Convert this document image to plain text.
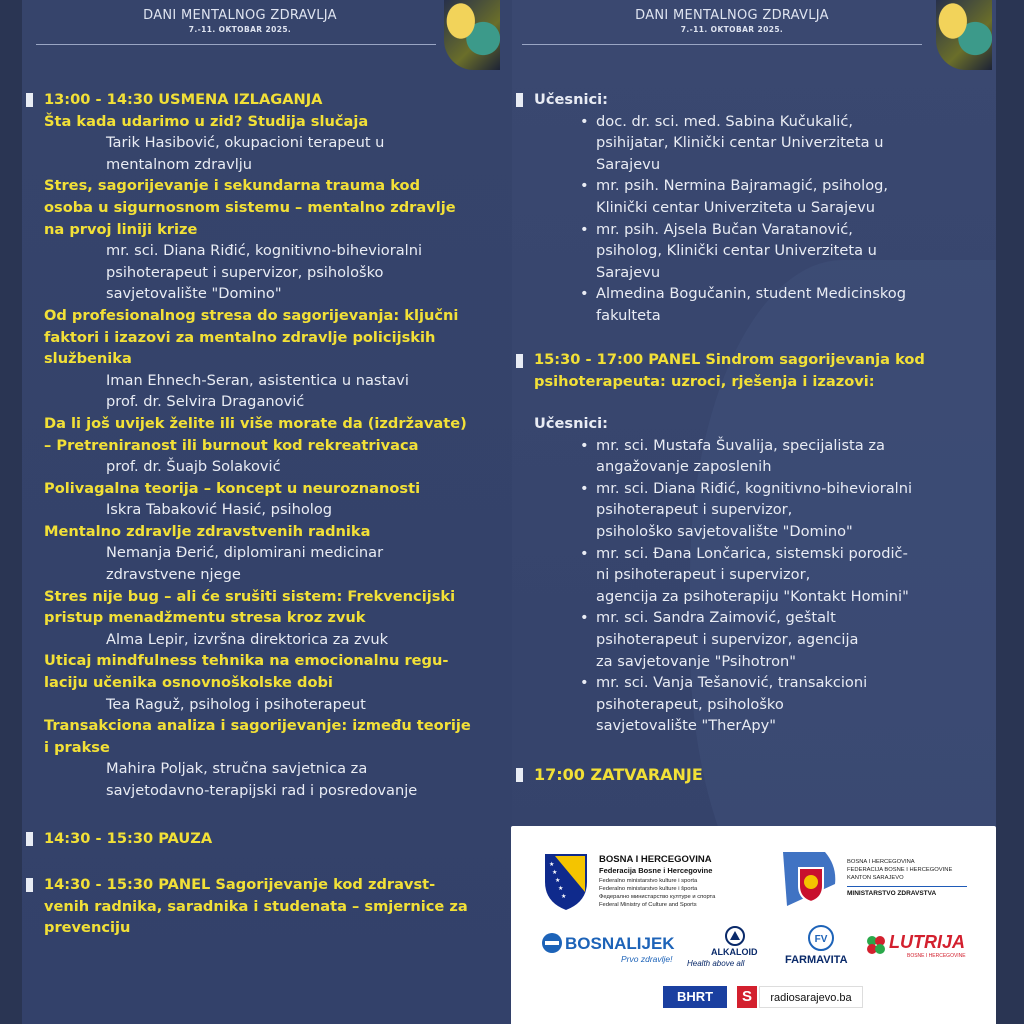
DANI MENTALNOG ZDRAVLJA
7.-11. OKTOBAR 2025.
DANI MENTALNOG ZDRAVLJA
7.-11. OKTOBAR 2025.
13:00 - 14:30 USMENA IZLAGANJA
Šta kada udarimo u zid? Studija slučaja
Tarik Hasibović, okupacioni terapeut u
mentalnom zdravlju
Stres, sagorijevanje i sekundarna trauma kod
osoba u sigurnosnom sistemu – mentalno zdravlje
na prvoj liniji krize
mr. sci. Diana Riđić, kognitivno-bihevioralni
psihoterapeut i supervizor, psihološko
savjetovalište "Domino"
Od profesionalnog stresa do sagorijevanja: ključni
faktori i izazovi za mentalno zdravlje policijskih
službenika
Iman Ehnech-Seran, asistentica u nastavi
prof. dr. Selvira Draganović
Da li još uvijek želite ili više morate da (izdržavate)
– Pretreniranost ili burnout kod rekreatrivaca
prof. dr. Šuajb Solaković
Polivagalna teorija – koncept u neuroznanosti
Iskra Tabaković Hasić, psiholog
Mentalno zdravlje zdravstvenih radnika
Nemanja Đerić, diplomirani medicinar
zdravstvene njege
Stres nije bug – ali će srušiti sistem: Frekvencijski
pristup menadžmentu stresa kroz zvuk
Alma Lepir, izvršna direktorica za zvuk
Uticaj mindfulness tehnika na emocionalnu regu-
laciju učenika osnovnoškolske dobi
Tea Raguž, psiholog i psihoterapeut
Transakciona analiza i sagorijevanje: između teorije
i prakse
Mahira Poljak, stručna savjetnica za
savjetodavno-terapijski rad i posredovanje
14:30 - 15:30 PAUZA
14:30 - 15:30 PANEL Sagorijevanje kod zdravst-
venih radnika, saradnika i studenata – smjernice za
prevenciju
Učesnici:
• doc. dr. sci. med. Sabina Kučukalić,
psihijatar, Klinički centar Univerziteta u
Sarajevu
• mr. psih. Nermina Bajramagić, psiholog,
Klinički centar Univerziteta u Sarajevu
• mr. psih. Ajsela Bučan Varatanović,
psiholog, Klinički centar Univerziteta u
Sarajevu
• Almedina Bogučanin, student Medicinskog
fakulteta
15:30 - 17:00 PANEL Sindrom sagorijevanja kod
psihoterapeuta: uzroci, rješenja i izazovi:
Učesnici:
• mr. sci. Mustafa Šuvalija, specijalista za
angažovanje zaposlenih
• mr. sci. Diana Riđić, kognitivno-bihevioralni
psihoterapeut i supervizor,
psihološko savjetovalište "Domino"
• mr. sci. Đana Lončarica, sistemski porodič-
ni psihoterapeut i supervizor,
agencija za psihoterapiju "Kontakt Homini"
• mr. sci. Sandra Zaimović, geštalt
psihoterapeut i supervizor, agencija
za savjetovanje "Psihotron"
• mr. sci. Vanja Tešanović, transakcioni
psihoterapeut, psihološko
savjetovalište "TherApy"
17:00 ZATVARANJE
★
★
★
★
★
BOSNA I HERCEGOVINA
Federacija Bosne i Hercegovine
Federalno ministarstvo kulture i sporta
Federalno ministarstvo kulture i športa
Федерално министарство културе и спорта
Federal Ministry of Culture and Sports
BOSNA I HERCEGOVINA
FEDERACIJA BOSNE I HERCEGOVINE
KANTON SARAJEVO
MINISTARSTVO ZDRAVSTVA
BOSNALIJEK
Prvo zdravlje!
ALKALOID
Health above all
FV
FARMAVITA
LUTRIJA
BOSNE I HERCEGOVINE
BHRT	S	radiosarajevo.ba
